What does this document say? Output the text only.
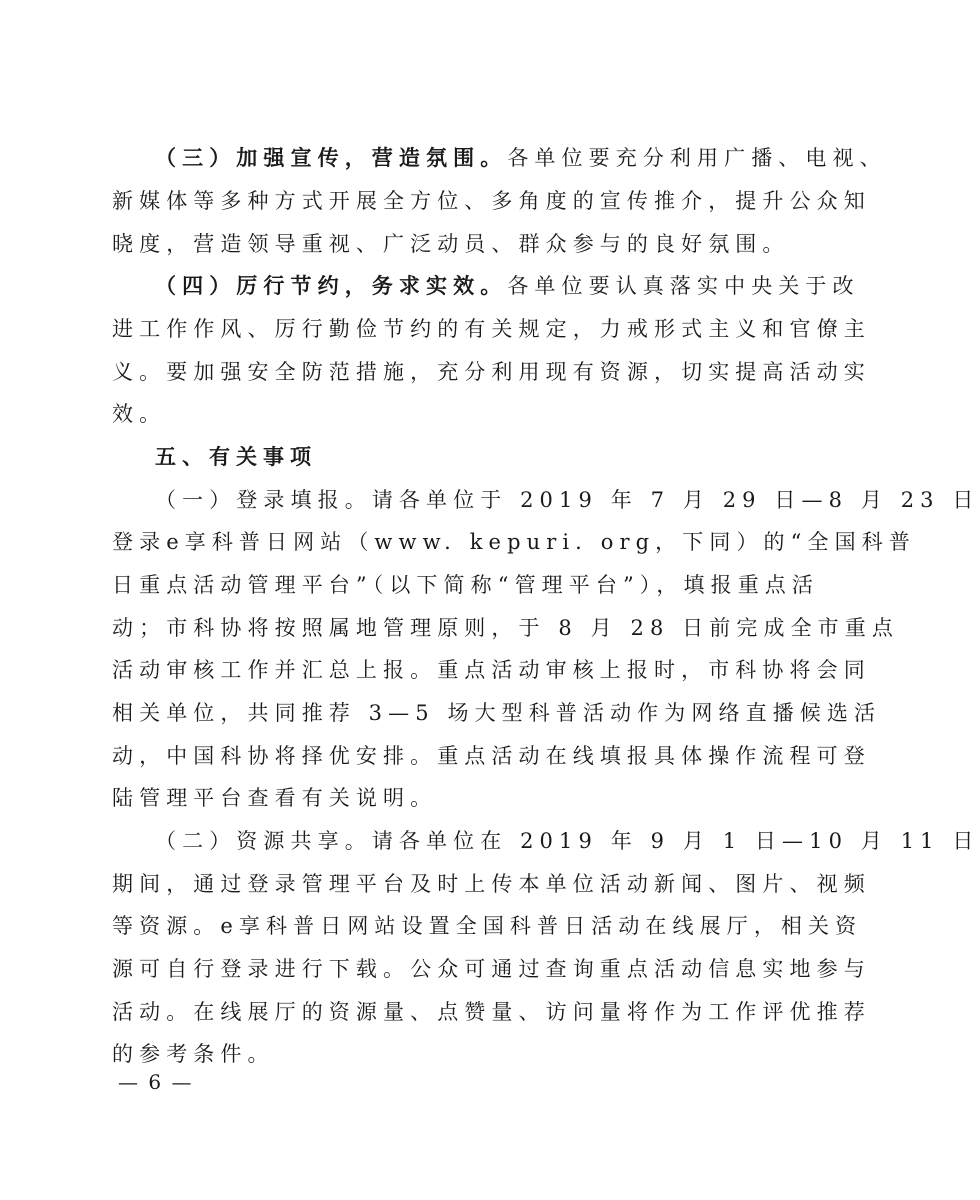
（三）加强宣传，营造氛围。各单位要充分利用广播、电视、
新媒体等多种方式开展全方位、多角度的宣传推介，提升公众知
晓度，营造领导重视、广泛动员、群众参与的良好氛围。
（四）厉行节约，务求实效。各单位要认真落实中央关于改
进工作作风、厉行勤俭节约的有关规定，力戒形式主义和官僚主
义。要加强安全防范措施，充分利用现有资源，切实提高活动实
效。
五、有关事项
（一）登录填报。请各单位于 2019 年 7 月 29 日—8 月 23 日
登录e享科普日网站（www. kepuri. org，下同）的“全国科普
日重点活动管理平台”（以下简称“管理平台”），填报重点活
动；市科协将按照属地管理原则，于 8 月 28 日前完成全市重点
活动审核工作并汇总上报。重点活动审核上报时，市科协将会同
相关单位，共同推荐 3—5 场大型科普活动作为网络直播候选活
动，中国科协将择优安排。重点活动在线填报具体操作流程可登
陆管理平台查看有关说明。
（二）资源共享。请各单位在 2019 年 9 月 1 日—10 月 11 日
期间，通过登录管理平台及时上传本单位活动新闻、图片、视频
等资源。e享科普日网站设置全国科普日活动在线展厅，相关资
源可自行登录进行下载。公众可通过查询重点活动信息实地参与
活动。在线展厅的资源量、点赞量、访问量将作为工作评优推荐
的参考条件。
— 6 —
